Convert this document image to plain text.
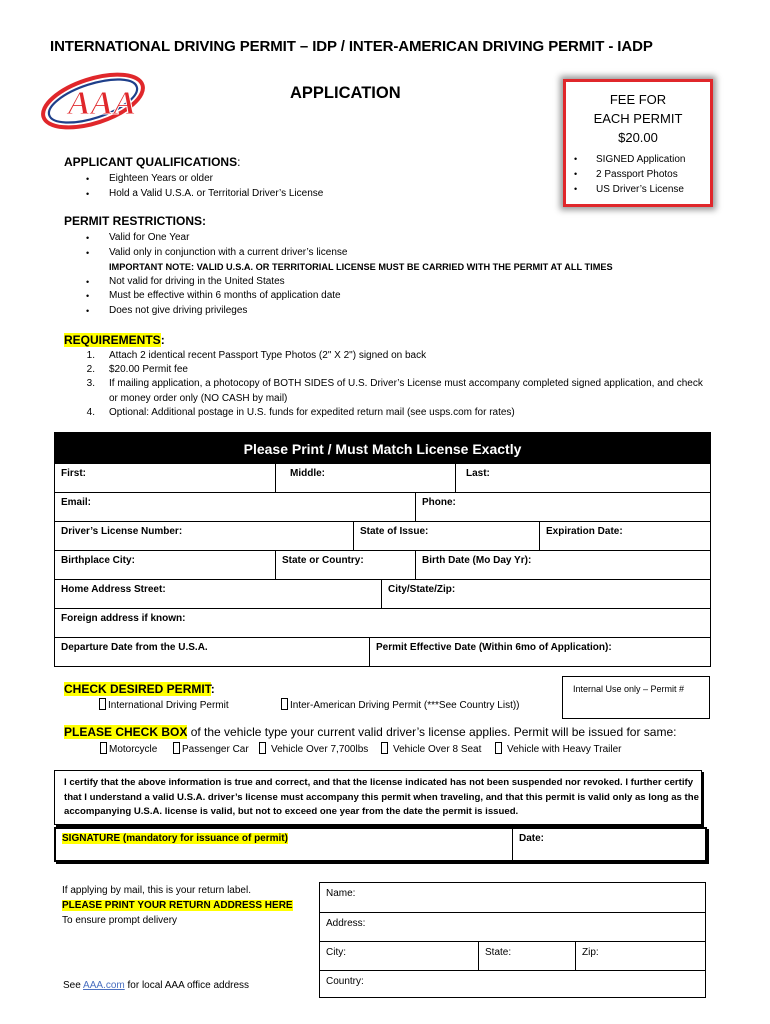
INTERNATIONAL DRIVING PERMIT – IDP / INTER-AMERICAN DRIVING PERMIT - IADP
AAA	APPLICATION	FEE FOR
EACH PERMIT
$20.00
• SIGNED Application
• 2 Passport Photos
• US Driver’s License
APPLICANT QUALIFICATIONS:
• Eighteen Years or older
• Hold a Valid U.S.A. or Territorial Driver’s License
PERMIT RESTRICTIONS:
• Valid for One Year
• Valid only in conjunction with a current driver’s license
IMPORTANT NOTE: VALID U.S.A. OR TERRITORIAL LICENSE MUST BE CARRIED WITH THE PERMIT AT ALL TIMES
• Not valid for driving in the United States
• Must be effective within 6 months of application date
• Does not give driving privileges
REQUIREMENTS:
1. Attach 2 identical recent Passport Type Photos (2" X 2") signed on back
2. $20.00 Permit fee
3. If mailing application, a photocopy of BOTH SIDES of U.S. Driver’s License must accompany completed signed application, and check or money order only (NO CASH by mail)
4. Optional: Additional postage in U.S. funds for expedited return mail (see usps.com for rates)
Please Print / Must Match License Exactly
First:	Middle:	Last:
Email:	Phone:
Driver’s License Number:	State of Issue:	Expiration Date:
Birthplace City:	State or Country:	Birth Date (Mo Day Yr):
Home Address Street:	City/State/Zip:
Foreign address if known:
Departure Date from the U.S.A.	Permit Effective Date (Within 6mo of Application):
CHECK DESIRED PERMIT:
International Driving Permit	Inter-American Driving Permit (***See Country List))
Internal Use only – Permit #
PLEASE CHECK BOX of the vehicle type your current valid driver’s license applies. Permit will be issued for same:
Motorcycle	Passenger Car	Vehicle Over 7,700lbs	Vehicle Over 8 Seat	Vehicle with Heavy Trailer
I certify that the above information is true and correct, and that the license indicated has not been suspended nor revoked. I further certify that I understand a valid U.S.A. driver’s license must accompany this permit when traveling, and that this permit is valid only as long as the accompanying U.S.A. license is valid, but not to exceed one year from the date the permit is issued.
SIGNATURE (mandatory for issuance of permit)	Date:
If applying by mail, this is your return label.
PLEASE PRINT YOUR RETURN ADDRESS HERE
To ensure prompt delivery
See AAA.com for local AAA office address
Name:
Address:
City:	State:	Zip:
Country:
